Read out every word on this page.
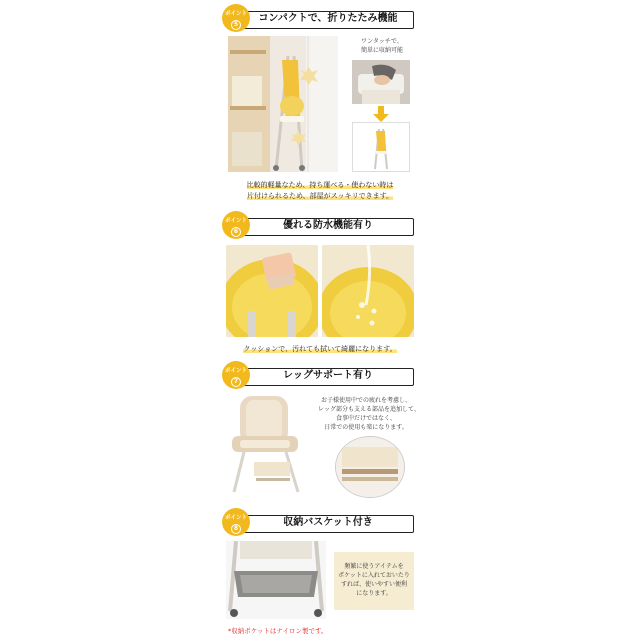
コンパクトで、折りたたみ機能
ポイント
5
ワンタッチで、
簡単に収納可能
比較的軽量なため、持ち運べる・使わない時は
片付けられるため、部屋がスッキリできます。
優れる防水機能有り
ポイント
6
クッションで、汚れても拭いて綺麗になります。
レッグサポート有り
ポイント
7
お子様使用中での疲れを考慮し、
レッグ部分も支える部品を追加して、
食事中だけではなく、
日常での使用も楽になります。
収納バスケット付き
ポイント
8
頻繁に使うアイテムを
ポケットに入れておいたり
すれば、使いやすい便利
になります。
*収納ポケットはナイロン製です。
